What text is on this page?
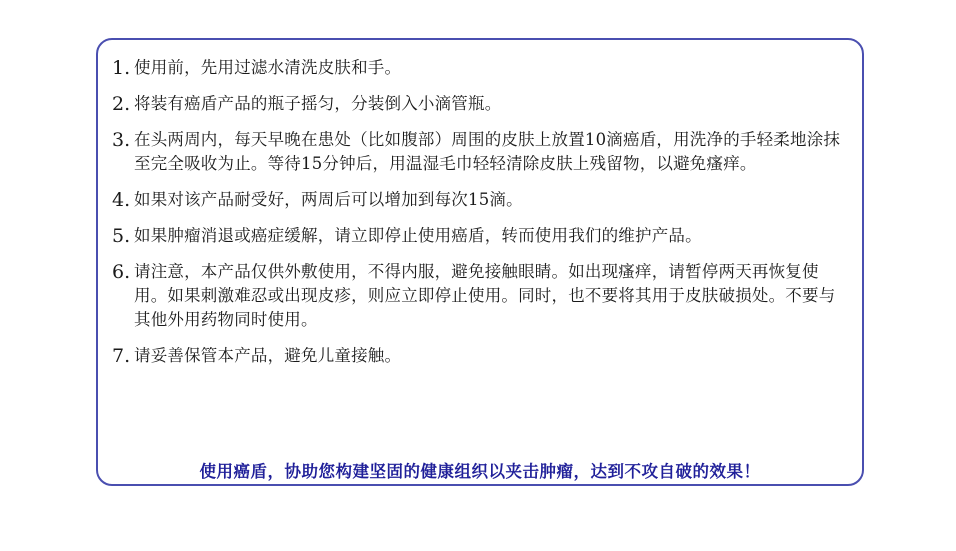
1. 使用前，先用过滤水清洗皮肤和手。
2. 将装有癌盾产品的瓶子摇匀，分装倒入小滴管瓶。
3. 在头两周内，每天早晚在患处（比如腹部）周围的皮肤上放置10滴癌盾，用洗净的手轻柔地涂抹至完全吸收为止。等待15分钟后，用温湿毛巾轻轻清除皮肤上残留物，以避免瘙痒。
4. 如果对该产品耐受好，两周后可以增加到每次15滴。
5. 如果肿瘤消退或癌症缓解，请立即停止使用癌盾，转而使用我们的维护产品。
6. 请注意，本产品仅供外敷使用，不得内服，避免接触眼睛。如出现瘙痒，请暂停两天再恢复使用。如果刺激难忍或出现皮疹，则应立即停止使用。同时，也不要将其用于皮肤破损处。不要与其他外用药物同时使用。
7. 请妥善保管本产品，避免儿童接触。
使用癌盾，协助您构建坚固的健康组织以夹击肿瘤，达到不攻自破的效果！
